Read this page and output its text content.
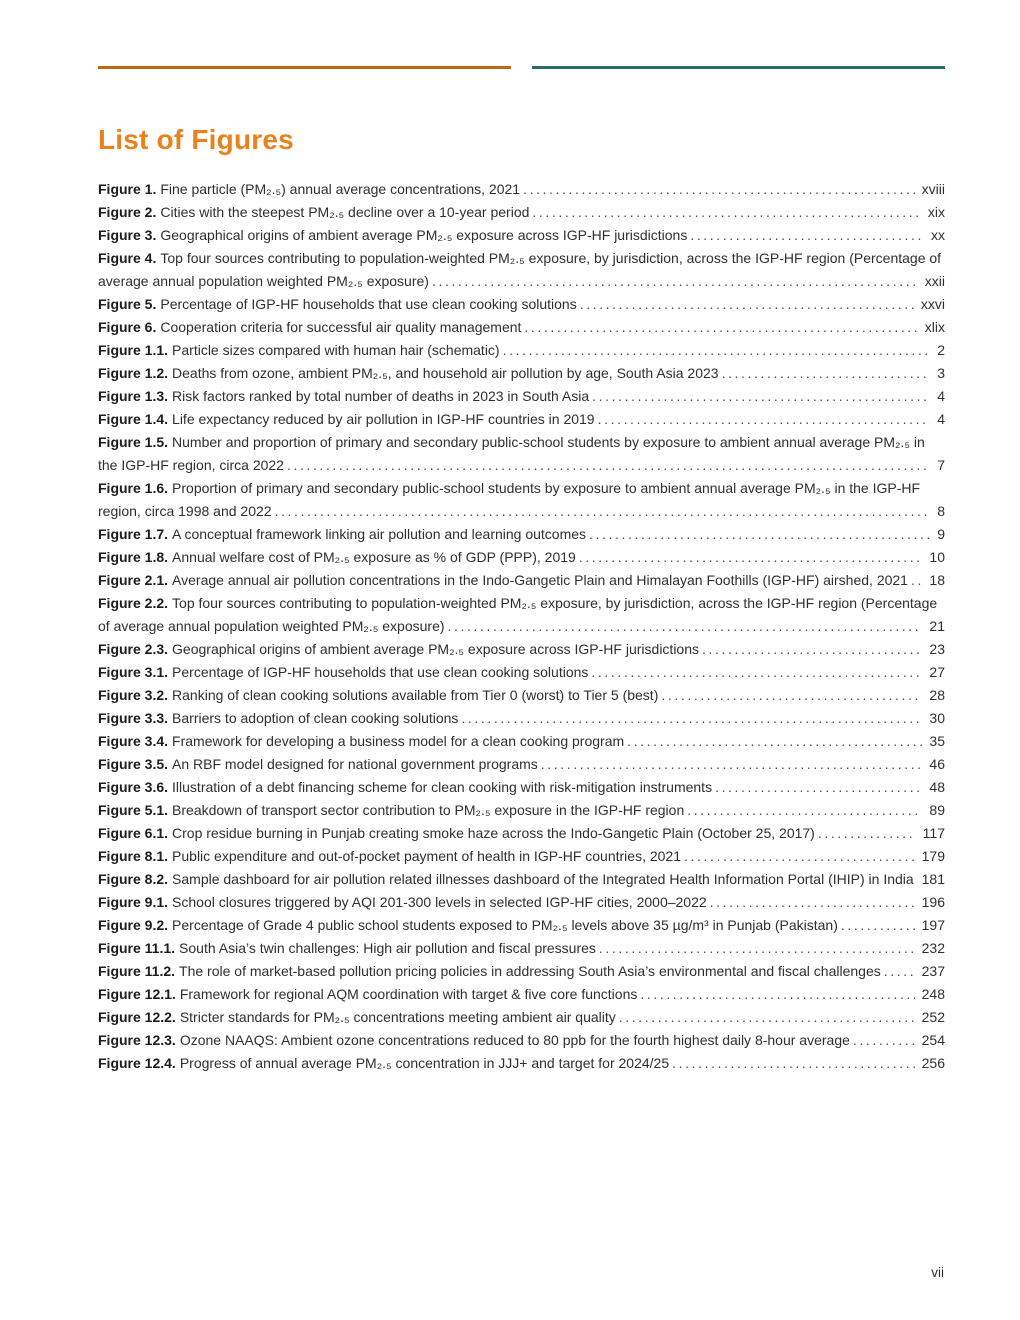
List of Figures
Figure 1. Fine particle (PM₂.₅) annual average concentrations, 2021	xviii
Figure 2. Cities with the steepest PM₂.₅ decline over a 10-year period	xix
Figure 3. Geographical origins of ambient average PM₂.₅ exposure across IGP-HF jurisdictions	xx
Figure 4. Top four sources contributing to population-weighted PM₂.₅ exposure, by jurisdiction, across the IGP-HF region (Percentage of average annual population weighted PM₂.₅ exposure)	xxii
Figure 5. Percentage of IGP-HF households that use clean cooking solutions	xxvi
Figure 6. Cooperation criteria for successful air quality management	xlix
Figure 1.1. Particle sizes compared with human hair (schematic)	2
Figure 1.2. Deaths from ozone, ambient PM₂.₅, and household air pollution by age, South Asia 2023	3
Figure 1.3. Risk factors ranked by total number of deaths in 2023 in South Asia	4
Figure 1.4. Life expectancy reduced by air pollution in IGP-HF countries in 2019	4
Figure 1.5. Number and proportion of primary and secondary public-school students by exposure to ambient annual average PM₂.₅ in the IGP-HF region, circa 2022	7
Figure 1.6. Proportion of primary and secondary public-school students by exposure to ambient annual average PM₂.₅ in the IGP-HF region, circa 1998 and 2022	8
Figure 1.7. A conceptual framework linking air pollution and learning outcomes	9
Figure 1.8. Annual welfare cost of PM₂.₅ exposure as % of GDP (PPP), 2019	10
Figure 2.1. Average annual air pollution concentrations in the Indo-Gangetic Plain and Himalayan Foothills (IGP-HF) airshed, 2021	18
Figure 2.2. Top four sources contributing to population-weighted PM₂.₅ exposure, by jurisdiction, across the IGP-HF region (Percentage of average annual population weighted PM₂.₅ exposure)	21
Figure 2.3. Geographical origins of ambient average PM₂.₅ exposure across IGP-HF jurisdictions	23
Figure 3.1. Percentage of IGP-HF households that use clean cooking solutions	27
Figure 3.2. Ranking of clean cooking solutions available from Tier 0 (worst) to Tier 5 (best)	28
Figure 3.3. Barriers to adoption of clean cooking solutions	30
Figure 3.4. Framework for developing a business model for a clean cooking program	35
Figure 3.5. An RBF model designed for national government programs	46
Figure 3.6. Illustration of a debt financing scheme for clean cooking with risk-mitigation instruments	48
Figure 5.1. Breakdown of transport sector contribution to PM₂.₅ exposure in the IGP-HF region	89
Figure 6.1. Crop residue burning in Punjab creating smoke haze across the Indo-Gangetic Plain (October 25, 2017)	117
Figure 8.1. Public expenditure and out-of-pocket payment of health in IGP-HF countries, 2021	179
Figure 8.2. Sample dashboard for air pollution related illnesses dashboard of the Integrated Health Information Portal (IHIP) in India 181
Figure 9.1. School closures triggered by AQI 201-300 levels in selected IGP-HF cities, 2000–2022	196
Figure 9.2. Percentage of Grade 4 public school students exposed to PM₂.₅ levels above 35 µg/m³ in Punjab (Pakistan)	197
Figure 11.1. South Asia’s twin challenges: High air pollution and fiscal pressures	232
Figure 11.2. The role of market-based pollution pricing policies in addressing South Asia’s environmental and fiscal challenges	237
Figure 12.1. Framework for regional AQM coordination with target & five core functions	248
Figure 12.2. Stricter standards for PM₂.₅ concentrations meeting ambient air quality	252
Figure 12.3. Ozone NAAQS: Ambient ozone concentrations reduced to 80 ppb for the fourth highest daily 8-hour average	254
Figure 12.4. Progress of annual average PM₂.₅ concentration in JJJ+ and target for 2024/25	256
vii
